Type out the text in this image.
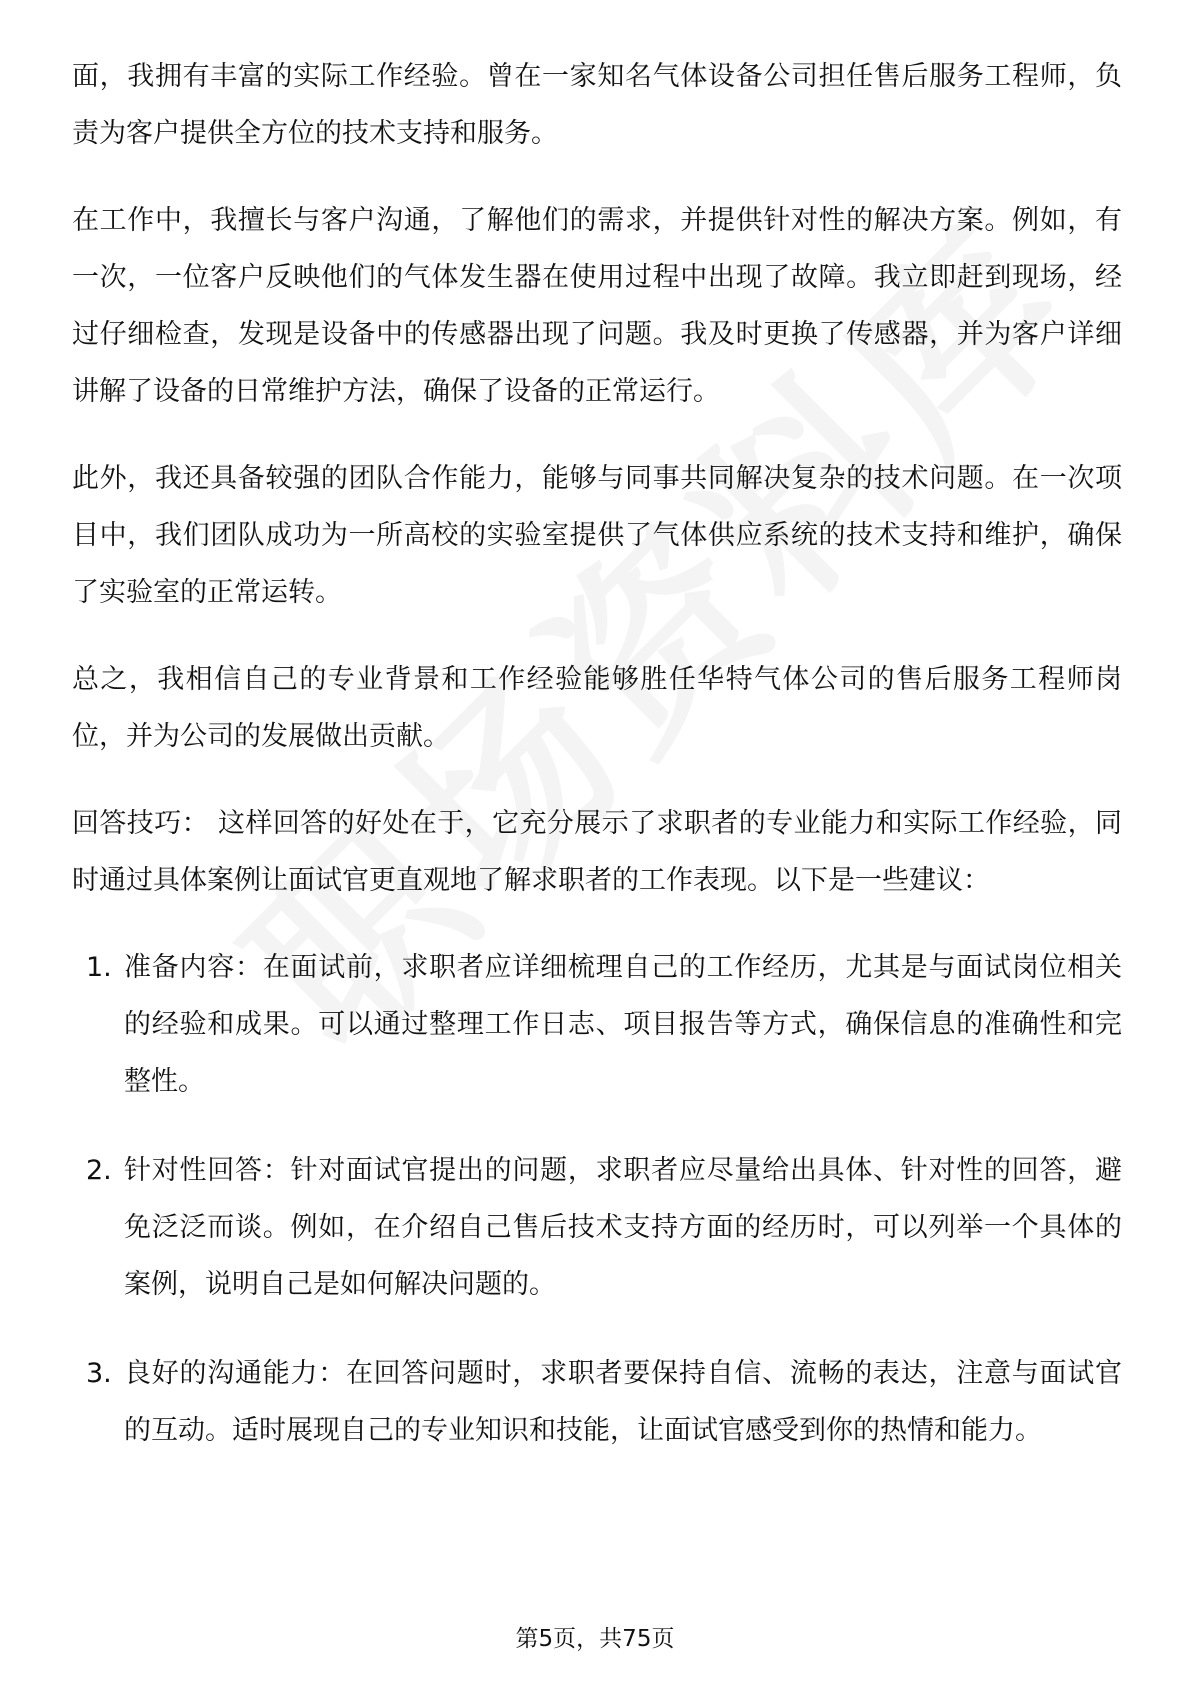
面，我拥有丰富的实际工作经验。曾在一家知名气体设备公司担任售后服务工程师，负责为客户提供全方位的技术支持和服务。

在工作中，我擅长与客户沟通，了解他们的需求，并提供针对性的解决方案。例如，有一次，一位客户反映他们的气体发生器在使用过程中出现了故障。我立即赶到现场，经过仔细检查，发现是设备中的传感器出现了问题。我及时更换了传感器，并为客户详细讲解了设备的日常维护方法，确保了设备的正常运行。

此外，我还具备较强的团队合作能力，能够与同事共同解决复杂的技术问题。在一次项目中，我们团队成功为一所高校的实验室提供了气体供应系统的技术支持和维护，确保了实验室的正常运转。

总之，我相信自己的专业背景和工作经验能够胜任华特气体公司的售后服务工程师岗位，并为公司的发展做出贡献。

回答技巧： 这样回答的好处在于，它充分展示了求职者的专业能力和实际工作经验，同时通过具体案例让面试官更直观地了解求职者的工作表现。以下是一些建议：

1. 准备内容：在面试前，求职者应详细梳理自己的工作经历，尤其是与面试岗位相关的经验和成果。可以通过整理工作日志、项目报告等方式，确保信息的准确性和完整性。
2. 针对性回答：针对面试官提出的问题，求职者应尽量给出具体、针对性的回答，避免泛泛而谈。例如，在介绍自己售后技术支持方面的经历时，可以列举一个具体的案例，说明自己是如何解决问题的。
3. 良好的沟通能力：在回答问题时，求职者要保持自信、流畅的表达，注意与面试官的互动。适时展现自己的专业知识和技能，让面试官感受到你的热情和能力。
第5页，共75页
